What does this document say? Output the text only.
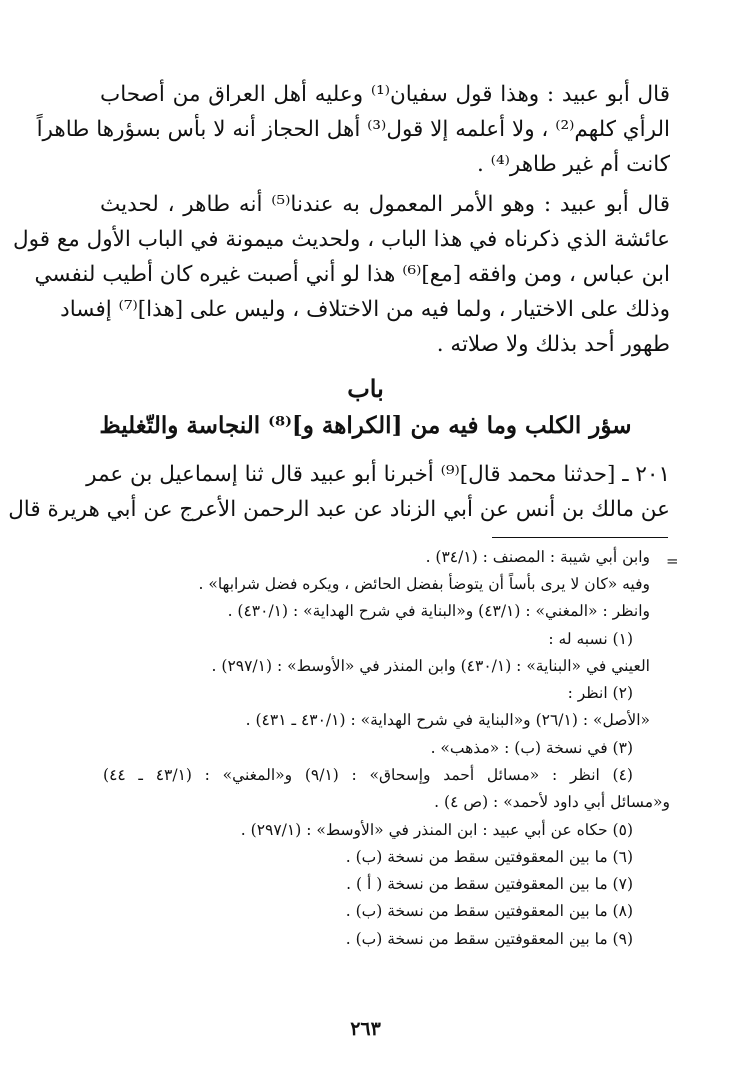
قال أبو عبيد : وهذا قول سفيان⁽¹⁾ وعليه أهل العراق من أصحاب
الرأي كلهم⁽²⁾ ، ولا أعلمه إلا قول⁽³⁾ أهل الحجاز أنه لا بأس بسؤرها طاهراً
كانت أم غير طاهر⁽⁴⁾ .
قال أبو عبيد : وهو الأمر المعمول به عندنا⁽⁵⁾ أنه طاهر ، لحديث
عائشة الذي ذكرناه في هذا الباب ، ولحديث ميمونة في الباب الأول مع قول
ابن عباس ، ومن وافقه [مع]⁽⁶⁾ هذا لو أني أصبت غيره كان أطيب لنفسي
وذلك على الاختيار ، ولما فيه من الاختلاف ، وليس على [هذا]⁽⁷⁾ إفساد
طهور أحد بذلك ولا صلاته .
باب
سؤر الكلب وما فيه من [الكراهة و]⁽⁸⁾ النجاسة والتّغليظ
٢٠١ ـ [حدثنا محمد قال]⁽⁹⁾ أخبرنا أبو عبيد قال ثنا إسماعيل بن عمر
عن مالك بن أنس عن أبي الزناد عن عبد الرحمن الأعرج عن أبي هريرة قال
=
وابن أبي شيبة : المصنف : (٣٤/١) .
وفيه «كان لا يرى بأساً أن يتوضأ بفضل الحائض ، ويكره فضل شرابها» .
وانظر : «المغني» : (٤٣/١) و«البناية في شرح الهداية» : (٤٣٠/١) .
(١) نسبه له :
العيني في «البناية» : (٤٣٠/١) وابن المنذر في «الأوسط» : (٢٩٧/١) .
(٢) انظر :
«الأصل» : (٢٦/١) و«البناية في شرح الهداية» : (٤٣٠/١ ـ ٤٣١) .
(٣) في نسخة (ب) : «مذهب» .
(٤) انظر : «مسائل أحمد وإسحاق» : (٩/١) و«المغني» : (٤٣/١ ـ ٤٤)
و«مسائل أبي داود لأحمد» : (ص ٤) .
(٥) حكاه عن أبي عبيد : ابن المنذر في «الأوسط» : (٢٩٧/١) .
(٦) ما بين المعقوفتين سقط من نسخة (ب) .
(٧) ما بين المعقوفتين سقط من نسخة ( أ ) .
(٨) ما بين المعقوفتين سقط من نسخة (ب) .
(٩) ما بين المعقوفتين سقط من نسخة (ب) .
٢٦٣
